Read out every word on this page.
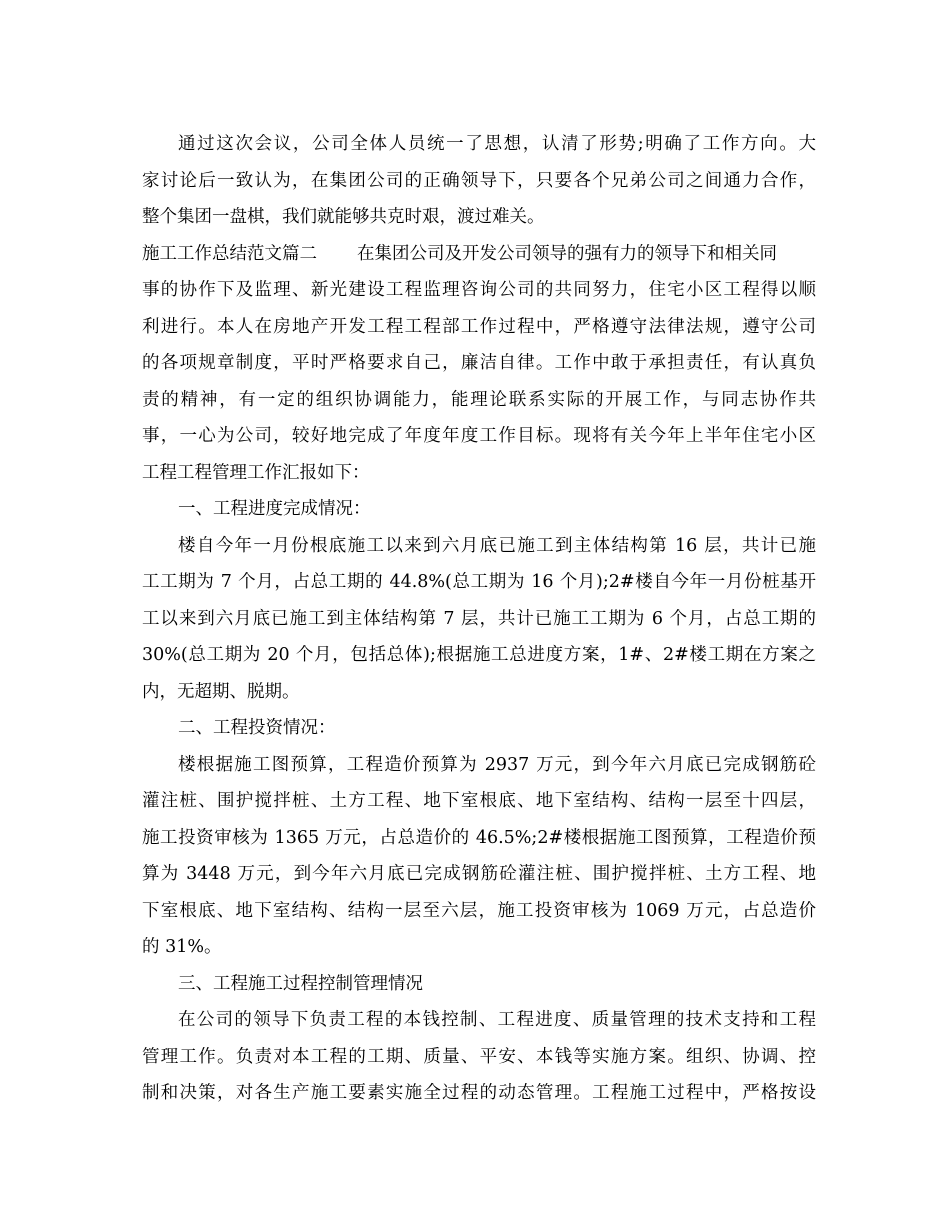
通过这次会议，公司全体人员统一了思想，认清了形势;明确了工作方向。大
家讨论后一致认为，在集团公司的正确领导下，只要各个兄弟公司之间通力合作，
整个集团一盘棋，我们就能够共克时艰，渡过难关。
施工工作总结范文篇二 在集团公司及开发公司领导的强有力的领导下和相关同
事的协作下及监理、新光建设工程监理咨询公司的共同努力，住宅小区工程得以顺
利进行。本人在房地产开发工程工程部工作过程中，严格遵守法律法规，遵守公司
的各项规章制度，平时严格要求自己，廉洁自律。工作中敢于承担责任，有认真负
责的精神，有一定的组织协调能力，能理论联系实际的开展工作，与同志协作共
事，一心为公司，较好地完成了年度年度工作目标。现将有关今年上半年住宅小区
工程工程管理工作汇报如下：
一、工程进度完成情况：
楼自今年一月份根底施工以来到六月底已施工到主体结构第 16 层，共计已施
工工期为 7 个月，占总工期的 44.8%(总工期为 16 个月);2#楼自今年一月份桩基开
工以来到六月底已施工到主体结构第 7 层，共计已施工工期为 6 个月，占总工期的
30%(总工期为 20 个月，包括总体);根据施工总进度方案，1#、2#楼工期在方案之
内，无超期、脱期。
二、工程投资情况：
楼根据施工图预算，工程造价预算为 2937 万元，到今年六月底已完成钢筋砼
灌注桩、围护搅拌桩、土方工程、地下室根底、地下室结构、结构一层至十四层，
施工投资审核为 1365 万元，占总造价的 46.5%;2#楼根据施工图预算，工程造价预
算为 3448 万元，到今年六月底已完成钢筋砼灌注桩、围护搅拌桩、土方工程、地
下室根底、地下室结构、结构一层至六层，施工投资审核为 1069 万元，占总造价
的 31%。
三、工程施工过程控制管理情况
在公司的领导下负责工程的本钱控制、工程进度、质量管理的技术支持和工程
管理工作。负责对本工程的工期、质量、平安、本钱等实施方案。组织、协调、控
制和决策，对各生产施工要素实施全过程的动态管理。工程施工过程中，严格按设
